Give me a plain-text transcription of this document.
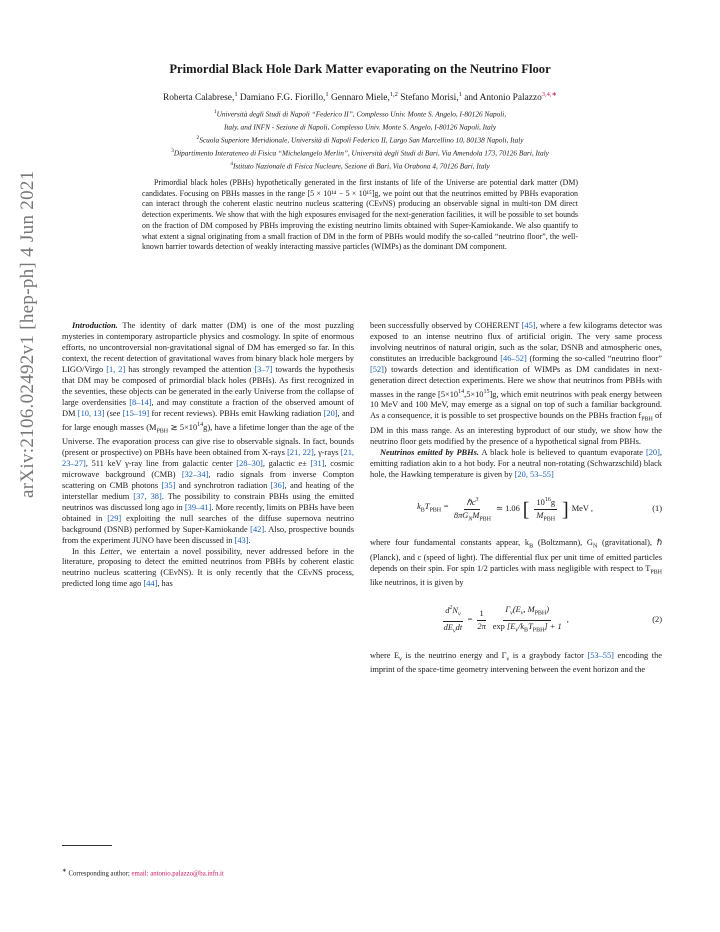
arXiv:2106.02492v1 [hep-ph] 4 Jun 2021
Primordial Black Hole Dark Matter evaporating on the Neutrino Floor
Roberta Calabrese,$^1$ Damiano F.G. Fiorillo,$^1$ Gennaro Miele,$^{1,2}$ Stefano Morisi,$^1$ and Antonio Palazzo$^{3,4,∗}$
$^1$Università degli Studi di Napoli “Federico II”, Complesso Univ. Monte S. Angelo, I-80126 Napoli,
Italy, and INFN - Sezione di Napoli, Complesso Univ. Monte S. Angelo, I-80126 Napoli, Italy
$^2$Scuola Superiore Meridionale, Università di Napoli Federico II, Largo San Marcellino 10, 80138 Napoli, Italy
$^3$Dipartimento Interateneo di Fisica “Michelangelo Merlin”, Università degli Studi di Bari, Via Amendola 173, 70126 Bari, Italy
$^4$Istituto Nazionale di Fisica Nucleare, Sezione di Bari, Via Orabona 4, 70126 Bari, Italy
Primordial black holes (PBHs) hypothetically generated in the first instants of life of the Universe are potential dark matter (DM) candidates. Focusing on PBHs masses in the range [5 × 10¹⁴ − 5 × 10¹⁵]g, we point out that the neutrinos emitted by PBHs evaporation can interact through the coherent elastic neutrino nucleus scattering (CEνNS) producing an observable signal in multi-ton DM direct detection experiments. We show that with the high exposures envisaged for the next-generation facilities, it will be possible to set bounds on the fraction of DM composed by PBHs improving the existing neutrino limits obtained with Super-Kamiokande. We also quantify to what extent a signal originating from a small fraction of DM in the form of PBHs would modify the so-called “neutrino floor”, the well-known barrier towards detection of weakly interacting massive particles (WIMPs) as the dominant DM component.

Introduction. The identity of dark matter (DM) is one of the most puzzling mysteries in contemporary astroparticle physics and cosmology. In spite of enormous efforts, no uncontroversial non-gravitational signal of DM has emerged so far. In this context, the recent detection of gravitational waves from binary black hole mergers by LIGO/Virgo [1, 2] has strongly revamped the attention [3–7] towards the hypothesis that DM may be composed of primordial black holes (PBHs). As first recognized in the seventies, these objects can be generated in the early Universe from the collapse of large overdensities [8–14], and may constitute a fraction of the observed amount of DM [10, 13] (see [15–19] for recent reviews). PBHs emit Hawking radiation [20], and for large enough masses ($M_{PBH}$ ≳ $5\times 10^{14}g$), have a lifetime longer than the age of the Universe. The evaporation process can give rise to observable signals. In fact, bounds (present or prospective) on PBHs have been obtained from X-rays [21, 22], γ-rays [21, 23–27], 511 keV γ-ray line from galactic center [28–30], galactic e± [31], cosmic microwave background (CMB) [32–34], radio signals from inverse Compton scattering on CMB photons [35] and synchrotron radiation [36], and heating of the interstellar medium [37, 38]. The possibility to constrain PBHs using the emitted neutrinos was discussed long ago in [39–41]. More recently, limits on PBHs have been obtained in [29] exploiting the null searches of the diffuse supernova neutrino background (DSNB) performed by Super-Kamiokande [42]. Also, prospective bounds from the experiment JUNO have been discussed in [43].

In this Letter, we entertain a novel possibility, never addressed before in the literature, proposing to detect the emitted neutrinos from PBHs by coherent elastic neutrino nucleus scattering (CEνNS). It is only recently that the CEνNS process, predicted long time ago [44], has

been successfully observed by COHERENT [45], where a few kilograms detector was exposed to an intense neutrino flux of artificial origin. The very same process involving neutrinos of natural origin, such as the solar, DSNB and atmospheric ones, constitutes an irreducible background [46–52] (forming the so-called “neutrino floor” [52]) towards detection and identification of WIMPs as DM candidates in next-generation direct detection experiments. Here we show that neutrinos from PBHs with masses in the range $[5\times 10^{14},5\times 10^{15}]g$, which emit neutrinos with peak energy between 10 MeV and 100 MeV, may emerge as a signal on top of such a familiar background. As a consequence, it is possible to set prospective bounds on the PBHs fraction $f_{PBH}$ of DM in this mass range. As an interesting byproduct of our study, we show how the neutrino floor gets modified by the presence of a hypothetical signal from PBHs.

Neutrinos emitted by PBHs. A black hole is believed to quantum evaporate [20], emitting radiation akin to a hot body. For a neutral non-rotating (Schwarzschild) black hole, the Hawking temperature is given by [20, 53–55]

$k_BT_{PBH} = \frac{\hbar c^3}{8\pi G_NM_{PBH}}$ ≃ 1.06 [ $\frac{10^{16}g}{M_{PBH}}$ ] MeV ,	(1)

where four fundamental constants appear, $k_B$ (Boltzmann), $G_N$ (gravitational), ℏ (Planck), and c (speed of light). The differential flux per unit time of emitted particles depends on their spin. For spin 1/2 particles with mass negligible with respect to $T_{PBH}$ like neutrinos, it is given by

$\frac{d^2N_\nu}{dE_\nu dt} = \frac{1}{2\pi} \frac{\Gamma_\nu(E_\nu, M_{PBH})}{\exp [E_\nu/k_BT_{PBH}] + 1}$ ,	(2)

where $E_\nu$ is the neutrino energy and $\Gamma_\nu$ is a graybody factor [53–55] encoding the imprint of the space-time geometry intervening between the event horizon and the

∗ Corresponding author; email: antonio.palazzo@ba.infn.it
